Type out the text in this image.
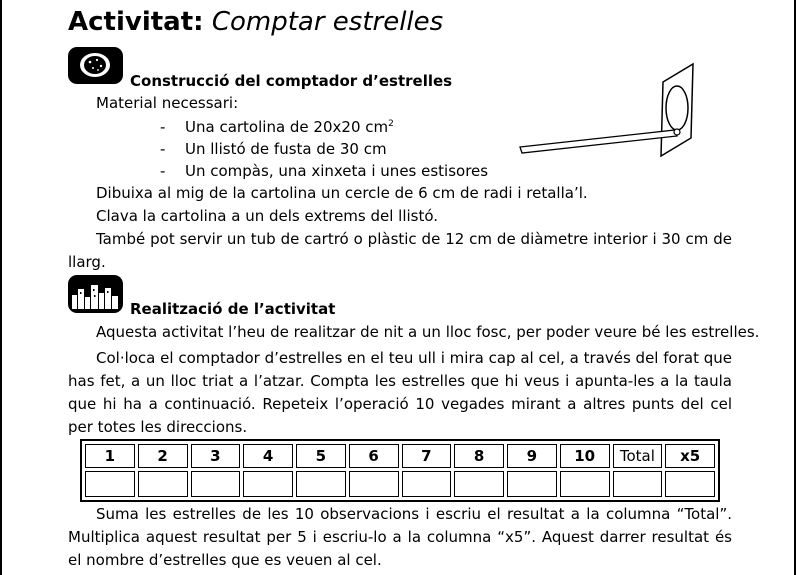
Activitat: Comptar estrelles
Construcció del comptador d’estrelles
Material necessari:
- Una cartolina de 20x20 $cm^2$
- Un llistó de fusta de 30 cm
- Un compàs, una xinxeta i unes estisores
Dibuixa al mig de la cartolina un cercle de 6 cm de radi i retalla’l.
Clava la cartolina a un dels extrems del llistó.
També pot servir un tub de cartró o plàstic de 12 cm de diàmetre interior i 30 cm de llarg.
Realització de l’activitat
Aquesta activitat l’heu de realitzar de nit a un lloc fosc, per poder veure bé les estrelles.
Col·loca el comptador d’estrelles en el teu ull i mira cap al cel, a través del forat que has fet, a un lloc triat a l’atzar. Compta les estrelles que hi veus i apunta-les a la taula que hi ha a continuació. Repeteix l’operació 10 vegades mirant a altres punts del cel per totes les direccions.
1	2	3	4	5	6	7	8	9	10	Total	x5

Suma les estrelles de les 10 observacions i escriu el resultat a la columna “Total”. Multiplica aquest resultat per 5 i escriu-lo a la columna “x5”. Aquest darrer resultat és el nombre d’estrelles que es veuen al cel.
